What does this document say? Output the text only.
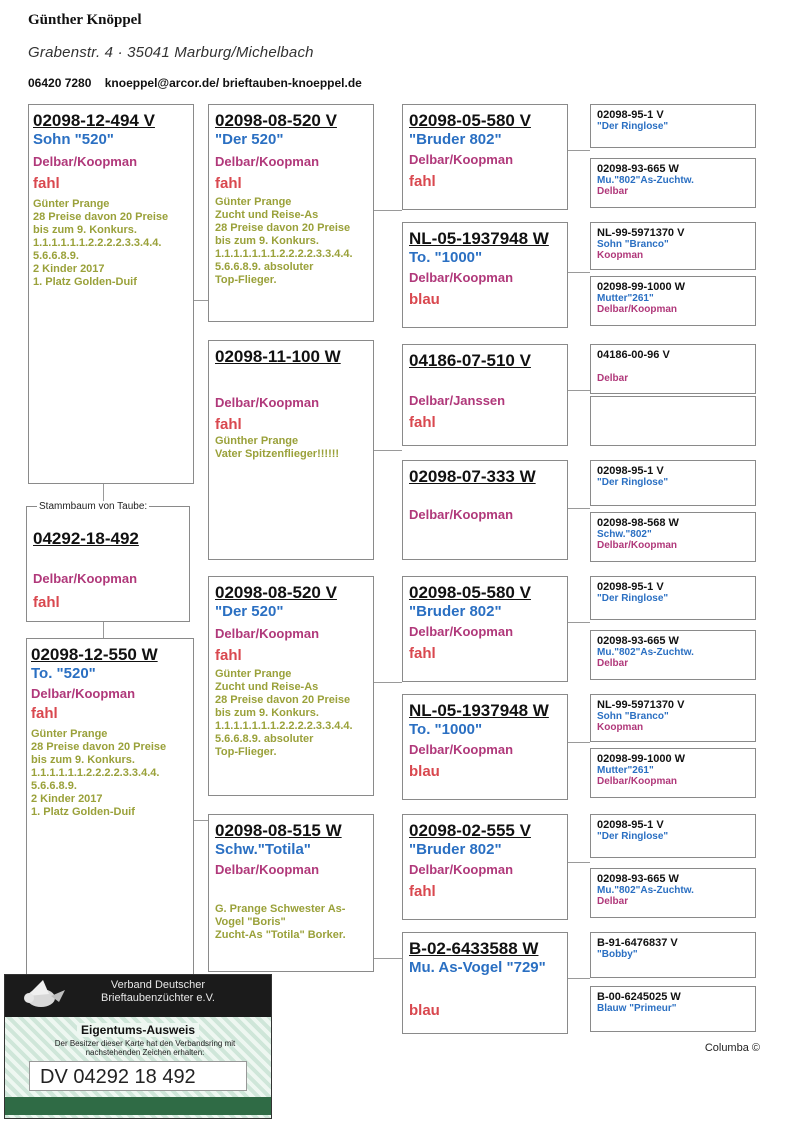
Günther Knöppel
Grabenstr. 4 · 35041 Marburg/Michelbach
06420 7280 knoeppel@arcor.de/ brieftauben-knoeppel.de
02098-12-494 V
Sohn "520"
Delbar/Koopman
fahl
Günter Prange
28 Preise davon 20 Preise
bis zum 9. Konkurs.
1.1.1.1.1.1.2.2.2.2.3.3.4.4.
5.6.6.8.9.
2 Kinder 2017
1. Platz Golden-Duif
Stammbaum von Taube:
04292-18-492
Delbar/Koopman
fahl
02098-12-550 W
To. "520"
Delbar/Koopman
fahl
Günter Prange
28 Preise davon 20 Preise
bis zum 9. Konkurs.
1.1.1.1.1.1.2.2.2.2.3.3.4.4.
5.6.6.8.9.
2 Kinder 2017
1. Platz Golden-Duif
02098-08-520 V
"Der 520"
Delbar/Koopman
fahl
Günter Prange
Zucht und Reise-As
28 Preise davon 20 Preise
bis zum 9. Konkurs.
1.1.1.1.1.1.1.2.2.2.2.3.3.4.4.
5.6.6.8.9. absoluter
Top-Flieger.
02098-11-100 W
Delbar/Koopman
fahl
Günther Prange
Vater Spitzenflieger!!!!!!
02098-08-520 V
"Der 520"
Delbar/Koopman
fahl
Günter Prange
Zucht und Reise-As
28 Preise davon 20 Preise
bis zum 9. Konkurs.
1.1.1.1.1.1.1.2.2.2.2.3.3.4.4.
5.6.6.8.9. absoluter
Top-Flieger.
02098-08-515 W
Schw."Totila"
Delbar/Koopman
G. Prange Schwester As-
Vogel "Boris"
Zucht-As "Totila" Borker.
02098-05-580 V
"Bruder 802"
Delbar/Koopman
fahl
NL-05-1937948 W
To. "1000"
Delbar/Koopman
blau
04186-07-510 V
Delbar/Janssen
fahl
02098-07-333 W
Delbar/Koopman
02098-05-580 V
"Bruder 802"
Delbar/Koopman
fahl
NL-05-1937948 W
To. "1000"
Delbar/Koopman
blau
02098-02-555 V
"Bruder 802"
Delbar/Koopman
fahl
B-02-6433588 W
Mu. As-Vogel "729"
blau
02098-95-1 V
"Der Ringlose"
02098-93-665 W
Mu."802"As-Zuchtw.
Delbar
NL-99-5971370 V
Sohn "Branco"
Koopman
02098-99-1000 W
Mutter"261"
Delbar/Koopman
04186-00-96 V
Delbar
02098-95-1 V
"Der Ringlose"
02098-98-568 W
Schw."802"
Delbar/Koopman
02098-95-1 V
"Der Ringlose"
02098-93-665 W
Mu."802"As-Zuchtw.
Delbar
NL-99-5971370 V
Sohn "Branco"
Koopman
02098-99-1000 W
Mutter"261"
Delbar/Koopman
02098-95-1 V
"Der Ringlose"
02098-93-665 W
Mu."802"As-Zuchtw.
Delbar
B-91-6476837 V
"Bobby"
B-00-6245025 W
Blauw "Primeur"
Columba ©
Verband Deutscher
Brieftaubenzüchter e.V.
Eigentums-Ausweis
Der Besitzer dieser Karte hat den Verbandsring mit nachstehenden Zeichen erhalten:
DV 04292 18 492
